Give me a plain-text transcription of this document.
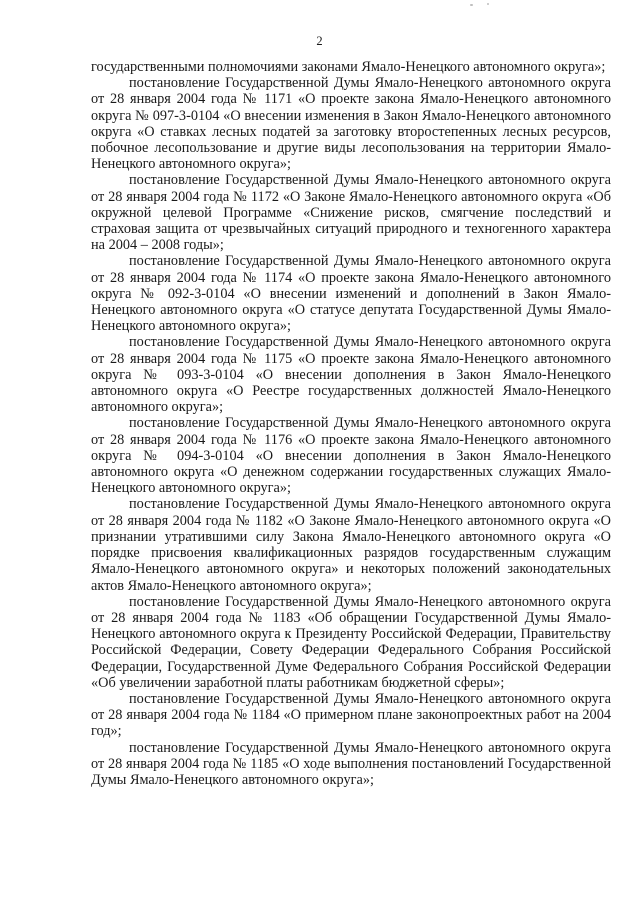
2

государственными полномочиями законами Ямало-Ненецкого автономного округа»;

постановление Государственной Думы Ямало-Ненецкого автономного округа от 28 января 2004 года № 1171 «О проекте закона Ямало-Ненецкого автономного округа № 097-3-0104 «О внесении изменения в Закон Ямало-Ненецкого автономного округа «О ставках лесных податей за заготовку второстепенных лесных ресурсов, побочное лесопользование и другие виды лесопользования на территории Ямало-Ненецкого автономного округа»;

постановление Государственной Думы Ямало-Ненецкого автономного округа от 28 января 2004 года № 1172 «О Законе Ямало-Ненецкого автономного округа «Об окружной целевой Программе «Снижение рисков, смягчение последствий и страховая защита от чрезвычайных ситуаций природного и техногенного характера на 2004 – 2008 годы»;

постановление Государственной Думы Ямало-Ненецкого автономного округа от 28 января 2004 года № 1174 «О проекте закона Ямало-Ненецкого автономного округа № 092-3-0104 «О внесении изменений и дополнений в Закон Ямало-Ненецкого автономного округа «О статусе депутата Государственной Думы Ямало-Ненецкого автономного округа»;

постановление Государственной Думы Ямало-Ненецкого автономного округа от 28 января 2004 года № 1175 «О проекте закона Ямало-Ненецкого автономного округа № 093-3-0104 «О внесении дополнения в Закон Ямало-Ненецкого автономного округа «О Реестре государственных должностей Ямало-Ненецкого автономного округа»;

постановление Государственной Думы Ямало-Ненецкого автономного округа от 28 января 2004 года № 1176 «О проекте закона Ямало-Ненецкого автономного округа № 094-3-0104 «О внесении дополнения в Закон Ямало-Ненецкого автономного округа «О денежном содержании государственных служащих Ямало-Ненецкого автономного округа»;

постановление Государственной Думы Ямало-Ненецкого автономного округа от 28 января 2004 года № 1182 «О Законе Ямало-Ненецкого автономного округа «О признании утратившими силу Закона Ямало-Ненецкого автономного округа «О порядке присвоения квалификационных разрядов государственным служащим Ямало-Ненецкого автономного округа» и некоторых положений законодательных актов Ямало-Ненецкого автономного округа»;

постановление Государственной Думы Ямало-Ненецкого автономного округа от 28 января 2004 года № 1183 «Об обращении Государственной Думы Ямало-Ненецкого автономного округа к Президенту Российской Федерации, Правительству Российской Федерации, Совету Федерации Федерального Собрания Российской Федерации, Государственной Думе Федерального Собрания Российской Федерации «Об увеличении заработной платы работникам бюджетной сферы»;

постановление Государственной Думы Ямало-Ненецкого автономного округа от 28 января 2004 года № 1184 «О примерном плане законопроектных работ на 2004 год»;

постановление Государственной Думы Ямало-Ненецкого автономного округа от 28 января 2004 года № 1185 «О ходе выполнения постановлений Государственной Думы Ямало-Ненецкого автономного округа»;
